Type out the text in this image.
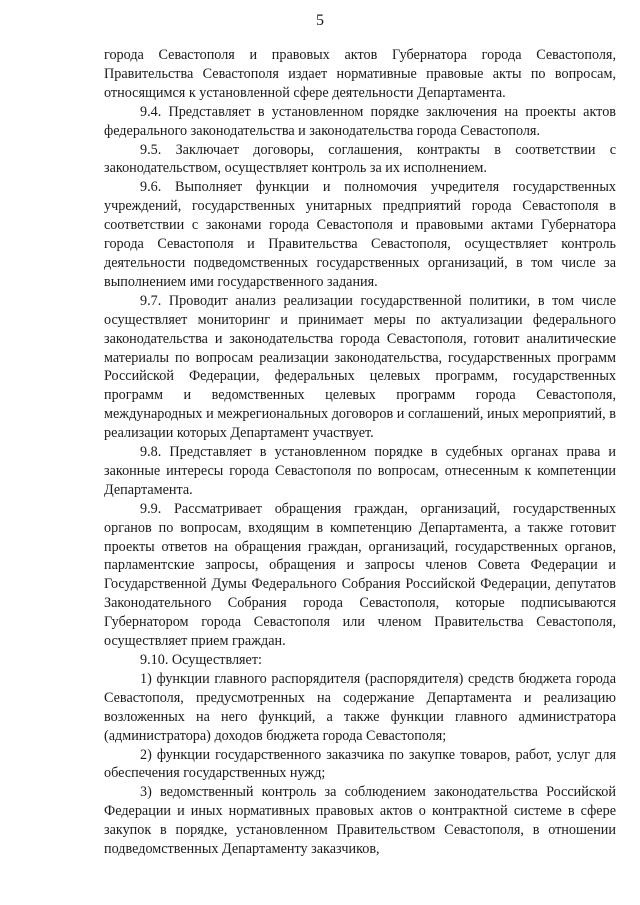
5

города Севастополя и правовых актов Губернатора города Севастополя, Правительства Севастополя издает нормативные правовые акты по вопросам, относящимся к установленной сфере деятельности Департамента.

9.4. Представляет в установленном порядке заключения на проекты актов федерального законодательства и законодательства города Севастополя.

9.5. Заключает договоры, соглашения, контракты в соответствии с законодательством, осуществляет контроль за их исполнением.

9.6. Выполняет функции и полномочия учредителя государственных учреждений, государственных унитарных предприятий города Севастополя в соответствии с законами города Севастополя и правовыми актами Губернатора города Севастополя и Правительства Севастополя, осуществляет контроль деятельности подведомственных государственных организаций, в том числе за выполнением ими государственного задания.

9.7. Проводит анализ реализации государственной политики, в том числе осуществляет мониторинг и принимает меры по актуализации федерального законодательства и законодательства города Севастополя, готовит аналитические материалы по вопросам реализации законодательства, государственных программ Российской Федерации, федеральных целевых программ, государственных программ и ведомственных целевых программ города Севастополя, международных и межрегиональных договоров и соглашений, иных мероприятий, в реализации которых Департамент участвует.

9.8. Представляет в установленном порядке в судебных органах права и законные интересы города Севастополя по вопросам, отнесенным к компетенции Департамента.

9.9. Рассматривает обращения граждан, организаций, государственных органов по вопросам, входящим в компетенцию Департамента, а также готовит проекты ответов на обращения граждан, организаций, государственных органов, парламентские запросы, обращения и запросы членов Совета Федерации и Государственной Думы Федерального Собрания Российской Федерации, депутатов Законодательного Собрания города Севастополя, которые подписываются Губернатором города Севастополя или членом Правительства Севастополя, осуществляет прием граждан.

9.10. Осуществляет:

1) функции главного распорядителя (распорядителя) средств бюджета города Севастополя, предусмотренных на содержание Департамента и реализацию возложенных на него функций, а также функции главного администратора (администратора) доходов бюджета города Севастополя;

2) функции государственного заказчика по закупке товаров, работ, услуг для обеспечения государственных нужд;

3) ведомственный контроль за соблюдением законодательства Российской Федерации и иных нормативных правовых актов о контрактной системе в сфере закупок в порядке, установленном Правительством Севастополя, в отношении подведомственных Департаменту заказчиков,
